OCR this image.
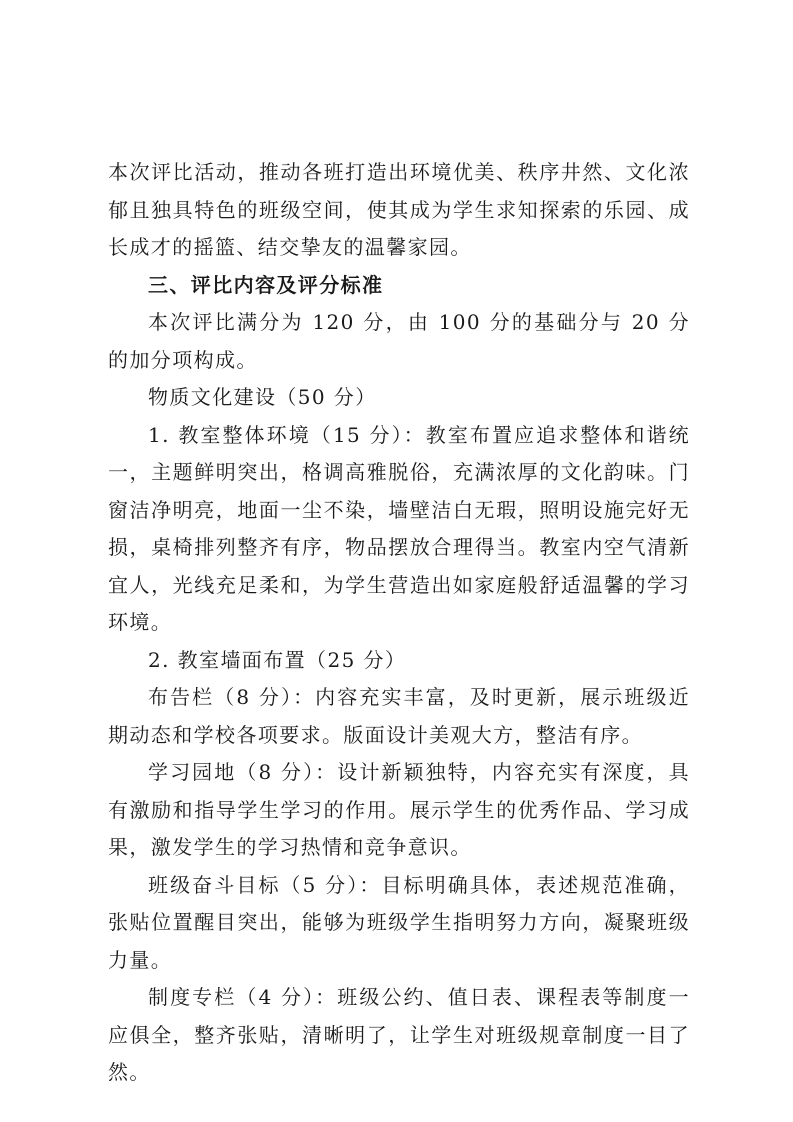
本次评比活动，推动各班打造出环境优美、秩序井然、文化浓郁且独具特色的班级空间，使其成为学生求知探索的乐园、成长成才的摇篮、结交挚友的温馨家园。

三、评比内容及评分标准

本次评比满分为 120 分，由 100 分的基础分与 20 分的加分项构成。

物质文化建设（50 分）

1. 教室整体环境（15 分）：教室布置应追求整体和谐统一，主题鲜明突出，格调高雅脱俗，充满浓厚的文化韵味。门窗洁净明亮，地面一尘不染，墙壁洁白无瑕，照明设施完好无损，桌椅排列整齐有序，物品摆放合理得当。教室内空气清新宜人，光线充足柔和，为学生营造出如家庭般舒适温馨的学习环境。

2. 教室墙面布置（25 分）

布告栏（8 分）：内容充实丰富，及时更新，展示班级近期动态和学校各项要求。版面设计美观大方，整洁有序。

学习园地（8 分）：设计新颖独特，内容充实有深度，具有激励和指导学生学习的作用。展示学生的优秀作品、学习成果，激发学生的学习热情和竞争意识。

班级奋斗目标（5 分）：目标明确具体，表述规范准确，张贴位置醒目突出，能够为班级学生指明努力方向，凝聚班级力量。

制度专栏（4 分）：班级公约、值日表、课程表等制度一应俱全，整齐张贴，清晰明了，让学生对班级规章制度一目了然。
